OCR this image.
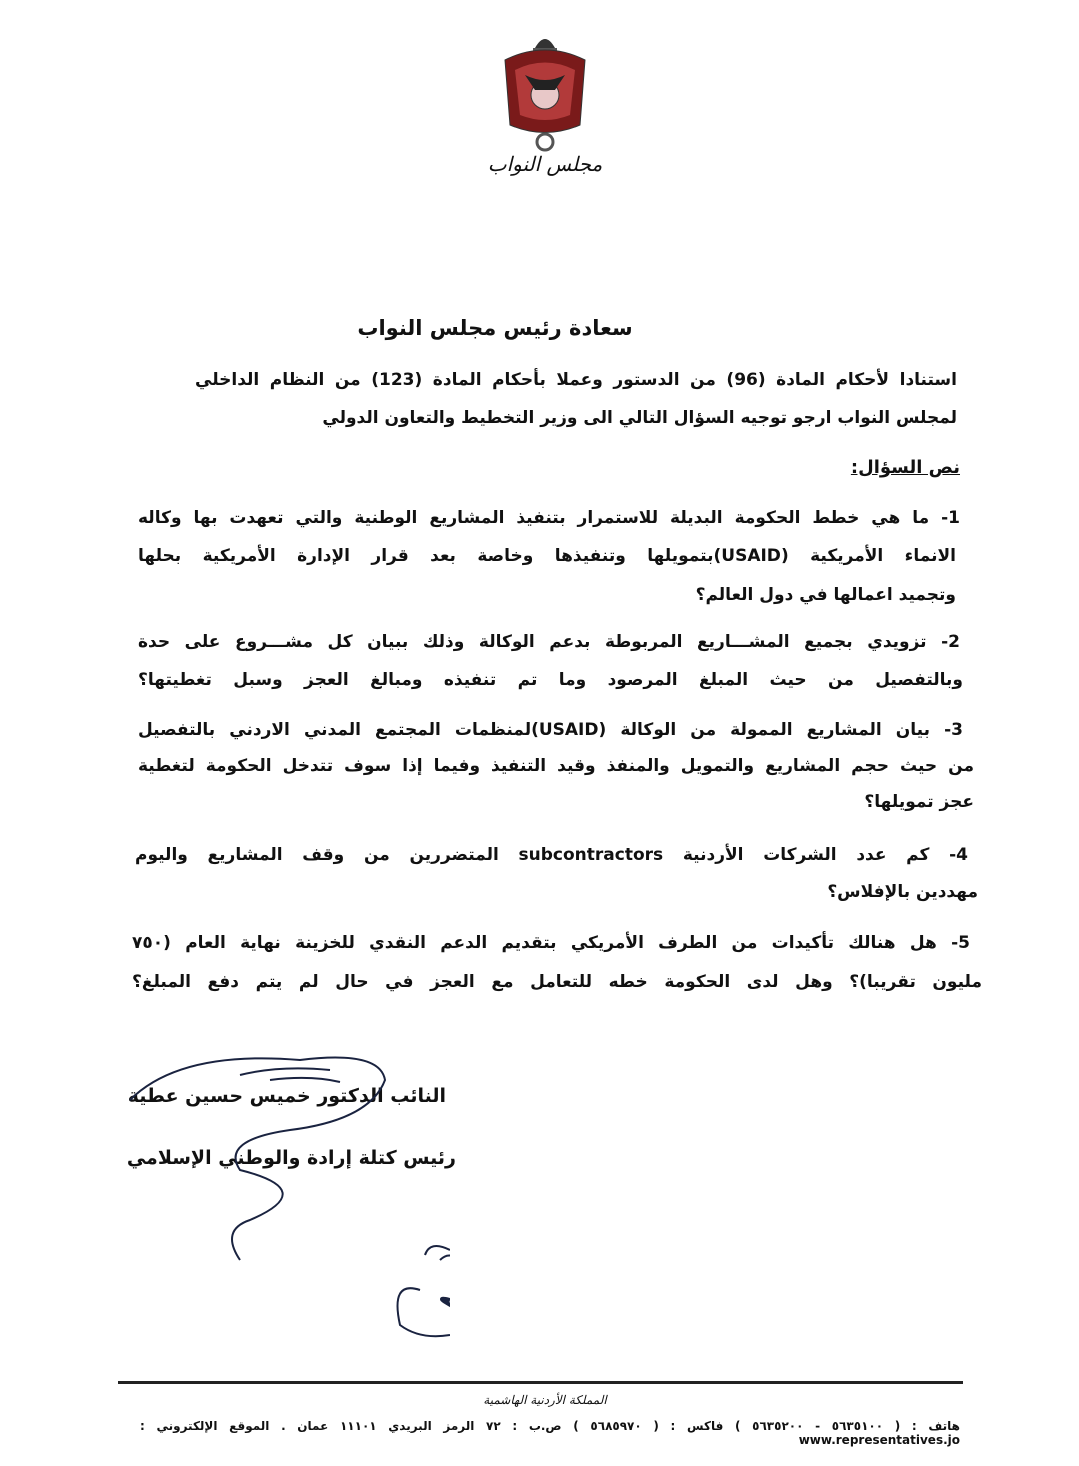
مجلس النواب
سعادة رئيس مجلس النواب
استنادا لأحكام المادة (96) من الدستور وعملا بأحكام المادة (123) من النظام الداخلي
لمجلس النواب ارجو توجيه السؤال التالي الى وزير التخطيط والتعاون الدولي
نص السؤال:
1- ما هي خطط الحكومة البديلة للاستمرار بتنفيذ المشاريع الوطنية والتي تعهدت بها وكاله
الانماء الأمريكية (USAID)بتمويلها وتنفيذها وخاصة بعد قرار الإدارة الأمريكية بحلها
وتجميد اعمالها في دول العالم؟
2- تزويدي بجميع المشـــاريع المربوطة بدعم الوكالة وذلك ببيان كل مشـــروع على حدة
وبالتفصيل من حيث المبلغ المرصود وما تم تنفيذه ومبالغ العجز وسبل تغطيتها؟
3- بيان المشاريع الممولة من الوكالة (USAID)لمنظمات المجتمع المدني الاردني بالتفصيل
من حيث حجم المشاريع والتمويل والمنفذ وقيد التنفيذ وفيما إذا سوف تتدخل الحكومة لتغطية
عجز تمويلها؟
4- كم عدد الشركات الأردنية subcontractors المتضررين من وقف المشاريع واليوم
مهددين بالإفلاس؟
5- هل هنالك تأكيدات من الطرف الأمريكي بتقديم الدعم النقدي للخزينة نهاية العام (٧٥٠
مليون تقريبا)؟ وهل لدى الحكومة خطه للتعامل مع العجز في حال لم يتم دفع المبلغ؟
النائب الدكتور خميس حسين عطية
رئيس كتلة إرادة والوطني الإسلامي
المملكة الأردنية الهاشمية
هاتف : ( ٥٦٣٥١٠٠ - ٥٦٣٥٢٠٠ ) فاكس : ( ٥٦٨٥٩٧٠ ) ص.ب : ٧٢ الرمز البريدي ١١١٠١ عمان . الموقع الإلكتروني : www.representatives.jo
